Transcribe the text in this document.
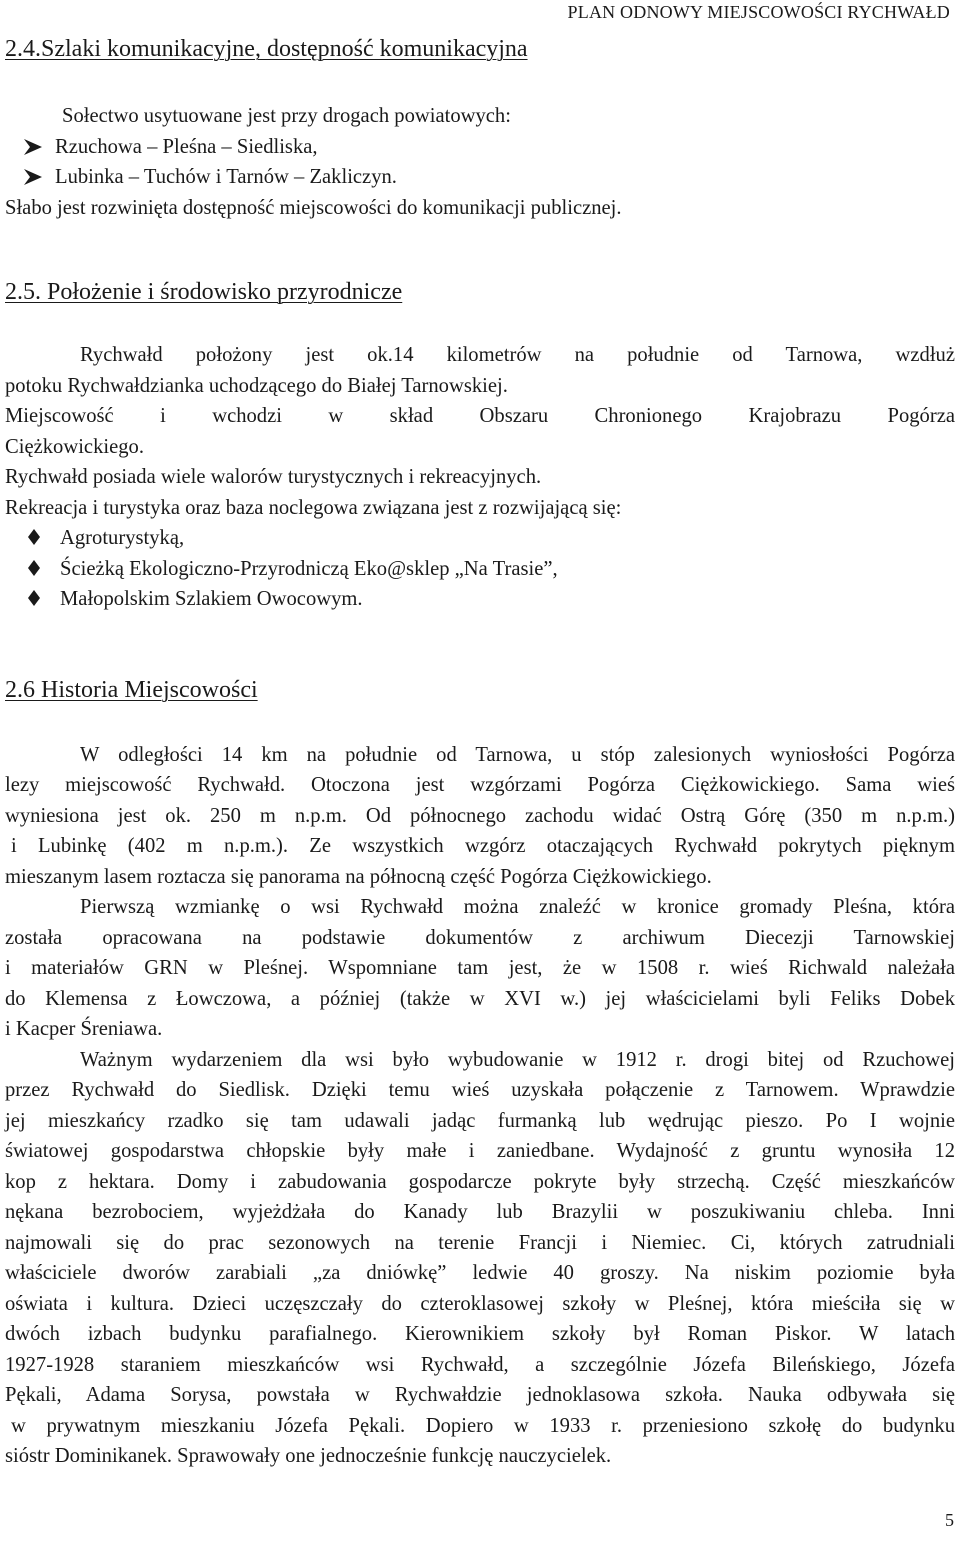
PLAN ODNOWY MIEJSCOWOŚCI RYCHWAŁD
2.4.Szlaki komunikacyjne, dostępność komunikacyjna

Sołectwo usytuowane jest przy drogach powiatowych:

Rzuchowa – Pleśna – Siedliska,
Lubinka – Tuchów i Tarnów – Zakliczyn.

Słabo jest rozwinięta dostępność miejscowości do komunikacji publicznej.

2.5. Położenie i środowisko przyrodnicze
Rychwałd położony jest ok.14 kilometrów na południe od Tarnowa, wzdłuż
potoku Rychwałdzianka uchodzącego do Białej Tarnowskiej.
Miejscowość i wchodzi w skład Obszaru Chronionego Krajobrazu Pogórza
Ciężkowickiego.

Rychwałd posiada wiele walorów turystycznych i rekreacyjnych.

Rekreacja i turystyka oraz baza noclegowa związana jest z rozwijającą się:

Agroturystyką,
Ścieżką Ekologiczno-Przyrodniczą Eko@sklep „Na Trasie”,
Małopolskim Szlakiem Owocowym.
2.6 Historia Miejscowości
W odległości 14 km na południe od Tarnowa, u stóp zalesionych wyniosłości Pogórza
lezy miejscowość Rychwałd. Otoczona jest wzgórzami Pogórza Ciężkowickiego. Sama wieś
wyniesiona jest ok. 250 m n.p.m. Od północnego zachodu widać Ostrą Górę (350 m n.p.m.)
i Lubinkę (402 m n.p.m.). Ze wszystkich wzgórz otaczających Rychwałd pokrytych pięknym
mieszanym lasem roztacza się panorama na północną część Pogórza Ciężkowickiego.
Pierwszą wzmiankę o wsi Rychwałd można znaleźć w kronice gromady Pleśna, która
została opracowana na podstawie dokumentów z archiwum Diecezji Tarnowskiej
i materiałów GRN w Pleśnej. Wspomniane tam jest, że w 1508 r. wieś Richwald należała
do Klemensa z Łowczowa, a później (także w XVI w.) jej właścicielami byli Feliks Dobek
i Kacper Śreniawa.
Ważnym wydarzeniem dla wsi było wybudowanie w 1912 r. drogi bitej od Rzuchowej
przez Rychwałd do Siedlisk. Dzięki temu wieś uzyskała połączenie z Tarnowem. Wprawdzie
jej mieszkańcy rzadko się tam udawali jadąc furmanką lub wędrując pieszo. Po I wojnie
światowej gospodarstwa chłopskie były małe i zaniedbane. Wydajność z gruntu wynosiła 12
kop z hektara. Domy i zabudowania gospodarcze pokryte były strzechą. Część mieszkańców
nękana bezrobociem, wyjeżdżała do Kanady lub Brazylii w poszukiwaniu chleba. Inni
najmowali się do prac sezonowych na terenie Francji i Niemiec. Ci, których zatrudniali
właściciele dworów zarabiali „za dniówkę” ledwie 40 groszy. Na niskim poziomie była
oświata i kultura. Dzieci uczęszczały do czteroklasowej szkoły w Pleśnej, która mieściła się w
dwóch izbach budynku parafialnego. Kierownikiem szkoły był Roman Piskor. W latach
1927-1928 staraniem mieszkańców wsi Rychwałd, a szczególnie Józefa Bileńskiego, Józefa
Pękali, Adama Sorysa, powstała w Rychwałdzie jednoklasowa szkoła. Nauka odbywała się
w prywatnym mieszkaniu Józefa Pękali. Dopiero w 1933 r. przeniesiono szkołę do budynku
sióstr Dominikanek. Sprawowały one jednocześnie funkcję nauczycielek.
5
